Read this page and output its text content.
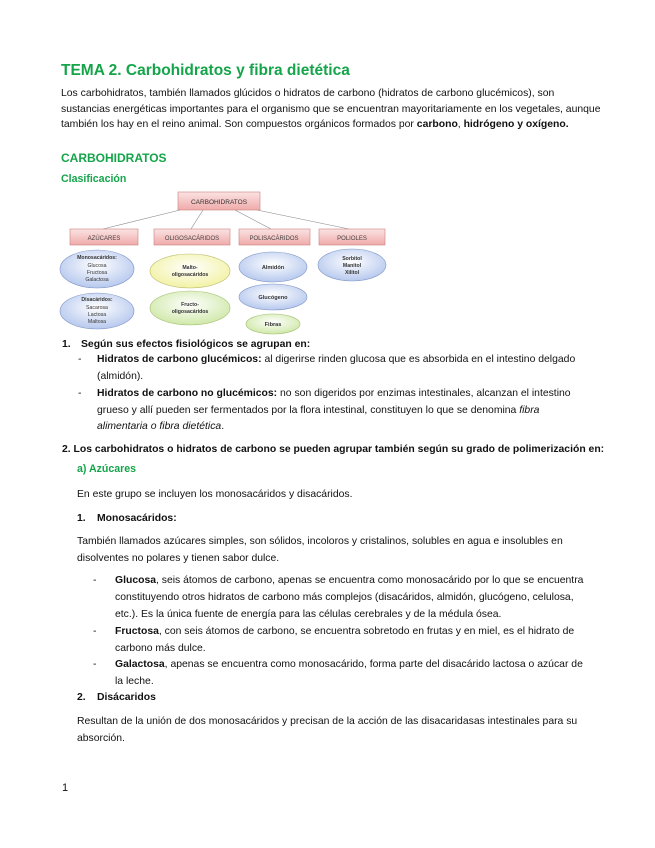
TEMA 2. Carbohidratos y fibra dietética
Los carbohidratos, también llamados glúcidos o hidratos de carbono (hidratos de carbono glucémicos), son sustancias energéticas importantes para el organismo que se encuentran mayoritariamente en los vegetales, aunque también los hay en el reino animal. Son compuestos orgánicos formados por carbono, hidrógeno y oxígeno.
CARBOHIDRATOS
Clasificación
CARBOHIDRATOS
AZÚCARES	OLIGOSACÁRIDOS	POLISACÁRIDOS	POLIOLES
Monosacáridos:
Glucosa
Fructosa
Galactosa
Disacáridos:
Sacarosa
Lactosa
Maltosa
Malto-
oligosacáridos
Fructo-
oligosacáridos
Almidón
Glucógeno
Fibras
Sorbitol
Manitol
Xilitol
1. Según sus efectos fisiológicos se agrupan en:
- Hidratos de carbono glucémicos: al digerirse rinden glucosa que es absorbida en el intestino delgado
(almidón).
- Hidratos de carbono no glucémicos: no son digeridos por enzimas intestinales, alcanzan el intestino
grueso y allí pueden ser fermentados por la flora intestinal, constituyen lo que se denomina fibra
alimentaria o fibra dietética.
2. Los carbohidratos o hidratos de carbono se pueden agrupar también según su grado de polimerización en:
a) Azúcares
En este grupo se incluyen los monosacáridos y disacáridos.
1. Monosacáridos:
También llamados azúcares simples, son sólidos, incoloros y cristalinos, solubles en agua e insolubles en
disolventes no polares y tienen sabor dulce.
- Glucosa, seis átomos de carbono, apenas se encuentra como monosacárido por lo que se encuentra
constituyendo otros hidratos de carbono más complejos (disacáridos, almidón, glucógeno, celulosa,
etc.). Es la única fuente de energía para las células cerebrales y de la médula ósea.
- Fructosa, con seis átomos de carbono, se encuentra sobretodo en frutas y en miel, es el hidrato de
carbono más dulce.
- Galactosa, apenas se encuentra como monosacárido, forma parte del disacárido lactosa o azúcar de
la leche.
2. Disácaridos
Resultan de la unión de dos monosacáridos y precisan de la acción de las disacaridasas intestinales para su
absorción.
1
